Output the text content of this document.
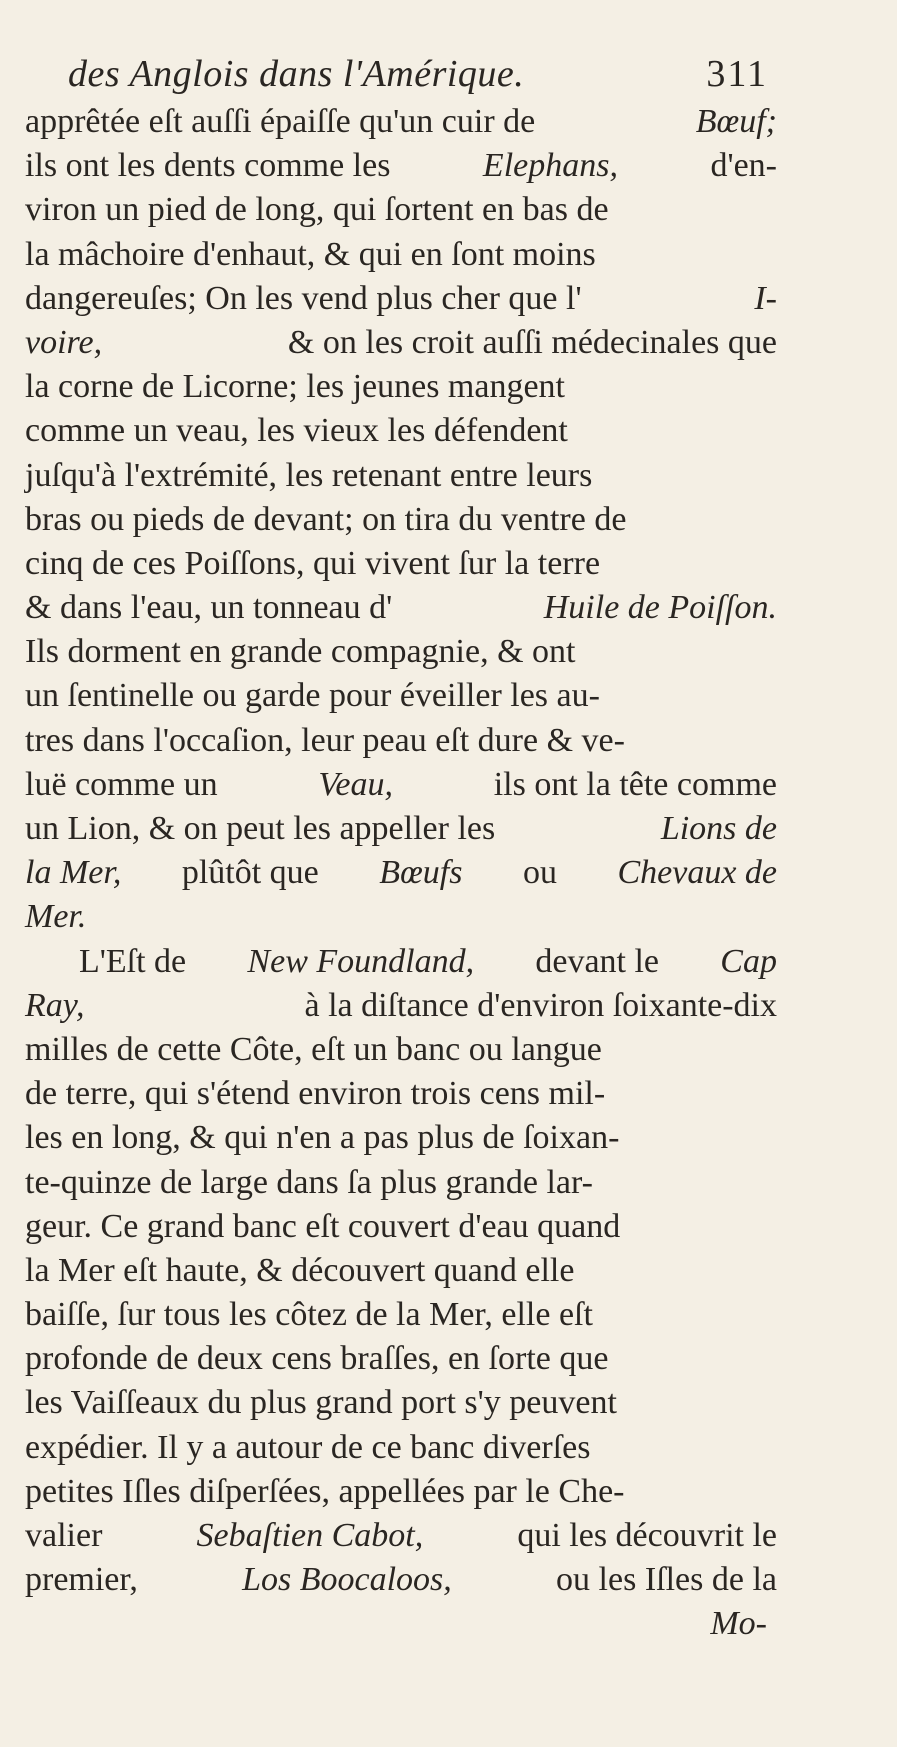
des Anglois dans l'Amérique.	311
apprêtée eſt auſſi épaiſſe qu'un cuir de	Bœuf;
ils ont les dents comme les	Elephans,	d'en-
viron un pied de long, qui ſortent en bas de
la mâchoire d'enhaut, & qui en ſont moins
dangereuſes; On les vend plus cher que l'	I-
voire,	& on les croit auſſi médecinales que
la corne de Licorne; les jeunes mangent
comme un veau, les vieux les défendent
juſqu'à l'extrémité, les retenant entre leurs
bras ou pieds de devant; on tira du ventre de
cinq de ces Poiſſons, qui vivent ſur la terre
& dans l'eau, un tonneau d'	Huile de Poiſſon.
Ils dorment en grande compagnie, & ont
un ſentinelle ou garde pour éveiller les au-
tres dans l'occaſion, leur peau eſt dure & ve-
luë comme un	Veau,	ils ont la tête comme
un Lion, & on peut les appeller les	Lions de
la Mer, plûtôt que Bœufs ou Chevaux de
Mer.
L'Eſt de New Foundland, devant le Cap
Ray,	à la diſtance d'environ ſoixante-dix
milles de cette Côte, eſt un banc ou langue
de terre, qui s'étend environ trois cens mil-
les en long, & qui n'en a pas plus de ſoixan-
te-quinze de large dans ſa plus grande lar-
geur. Ce grand banc eſt couvert d'eau quand
la Mer eſt haute, & découvert quand elle
baiſſe, ſur tous les côtez de la Mer, elle eſt
profonde de deux cens braſſes, en ſorte que
les Vaiſſeaux du plus grand port s'y peuvent
expédier. Il y a autour de ce banc diverſes
petites Iſles diſperſées, appellées par le Che-
valier	Sebaſtien Cabot,	qui les découvrit le
premier,	Los Boocaloos,	ou les Iſles de la
Mo-
